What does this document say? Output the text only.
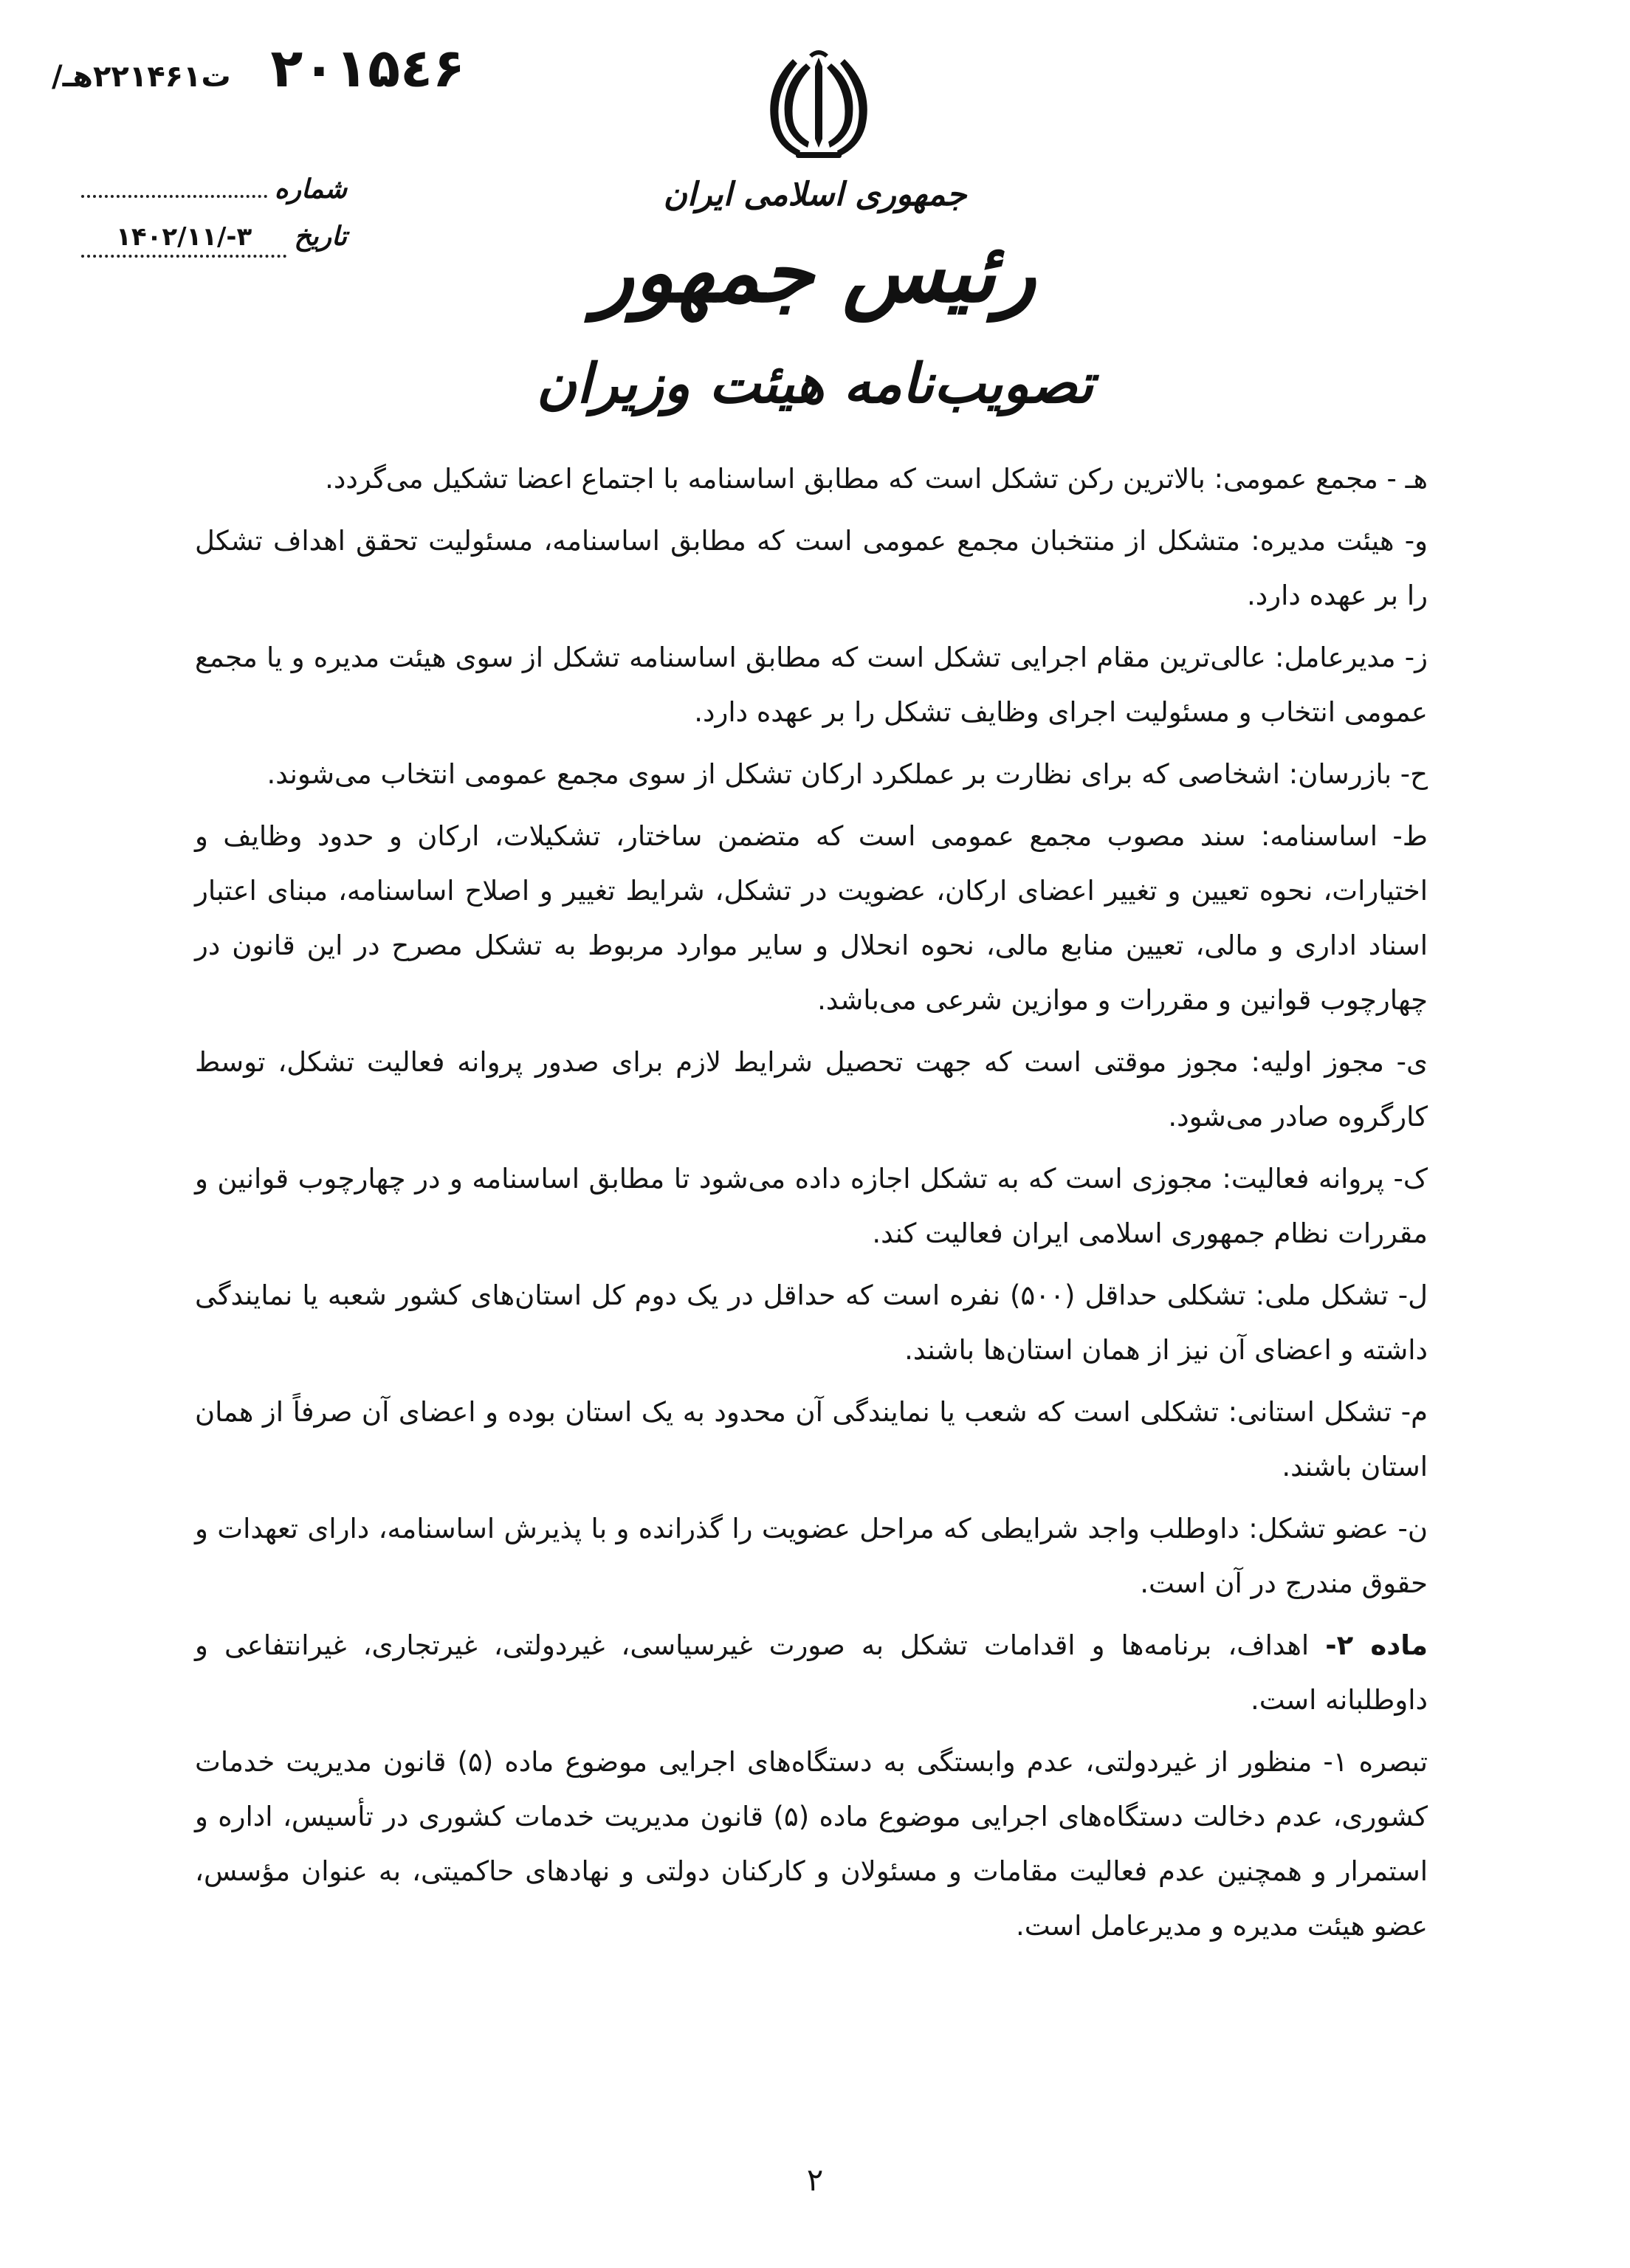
/ت۲۲۱۴۶۱هـ ۲۰۱۵٤۶
شماره
تاریخ
۱۴۰۲/۱۱/-۳
جمهوری اسلامی ایران
رئیس جمهور
تصویب‌نامه هیئت وزیران

هـ - مجمع عمومی: بالاترین رکن تشکل است که مطابق اساسنامه با اجتماع اعضا تشکیل می‌گردد.

و- هیئت مدیره: متشکل از منتخبان مجمع عمومی است که مطابق اساسنامه، مسئولیت تحقق اهداف تشکل را بر عهده دارد.

ز- مدیرعامل: عالی‌ترین مقام اجرایی تشکل است که مطابق اساسنامه تشکل از سوی هیئت مدیره و یا مجمع عمومی انتخاب و مسئولیت اجرای وظایف تشکل را بر عهده دارد.

ح- بازرسان: اشخاصی که برای نظارت بر عملکرد ارکان تشکل از سوی مجمع عمومی انتخاب می‌شوند.

ط- اساسنامه: سند مصوب مجمع عمومی است که متضمن ساختار، تشکیلات، ارکان و حدود وظایف و اختیارات، نحوه تعیین و تغییر اعضای ارکان، عضویت در تشکل، شرایط تغییر و اصلاح اساسنامه، مبنای اعتبار اسناد اداری و مالی، تعیین منابع مالی، نحوه انحلال و سایر موارد مربوط به تشکل مصرح در این قانون در چهارچوب قوانین و مقررات و موازین شرعی می‌باشد.

ی- مجوز اولیه: مجوز موقتی است که جهت تحصیل شرایط لازم برای صدور پروانه فعالیت تشکل، توسط کارگروه صادر می‌شود.

ک- پروانه فعالیت: مجوزی است که به تشکل اجازه داده می‌شود تا مطابق اساسنامه و در چهارچوب قوانین و مقررات نظام جمهوری اسلامی ایران فعالیت کند.

ل- تشکل ملی: تشکلی حداقل (۵۰۰) نفره است که حداقل در یک دوم کل استان‌های کشور شعبه یا نمایندگی داشته و اعضای آن نیز از همان استان‌ها باشند.

م- تشکل استانی: تشکلی است که شعب یا نمایندگی آن محدود به یک استان بوده و اعضای آن صرفاً از همان استان باشند.

ن- عضو تشکل: داوطلب واجد شرایطی که مراحل عضویت را گذرانده و با پذیرش اساسنامه، دارای تعهدات و حقوق مندرج در آن است.

ماده ۲- اهداف، برنامه‌ها و اقدامات تشکل به صورت غیرسیاسی، غیردولتی، غیرتجاری، غیرانتفاعی و داوطلبانه است.

تبصره ۱- منظور از غیردولتی، عدم وابستگی به دستگاه‌های اجرایی موضوع ماده (۵) قانون مدیریت خدمات کشوری، عدم دخالت دستگاه‌های اجرایی موضوع ماده (۵) قانون مدیریت خدمات کشوری در تأسیس، اداره و استمرار و همچنین عدم فعالیت مقامات و مسئولان و کارکنان دولتی و نهادهای حاکمیتی، به عنوان مؤسس، عضو هیئت مدیره و مدیرعامل است.

۲
